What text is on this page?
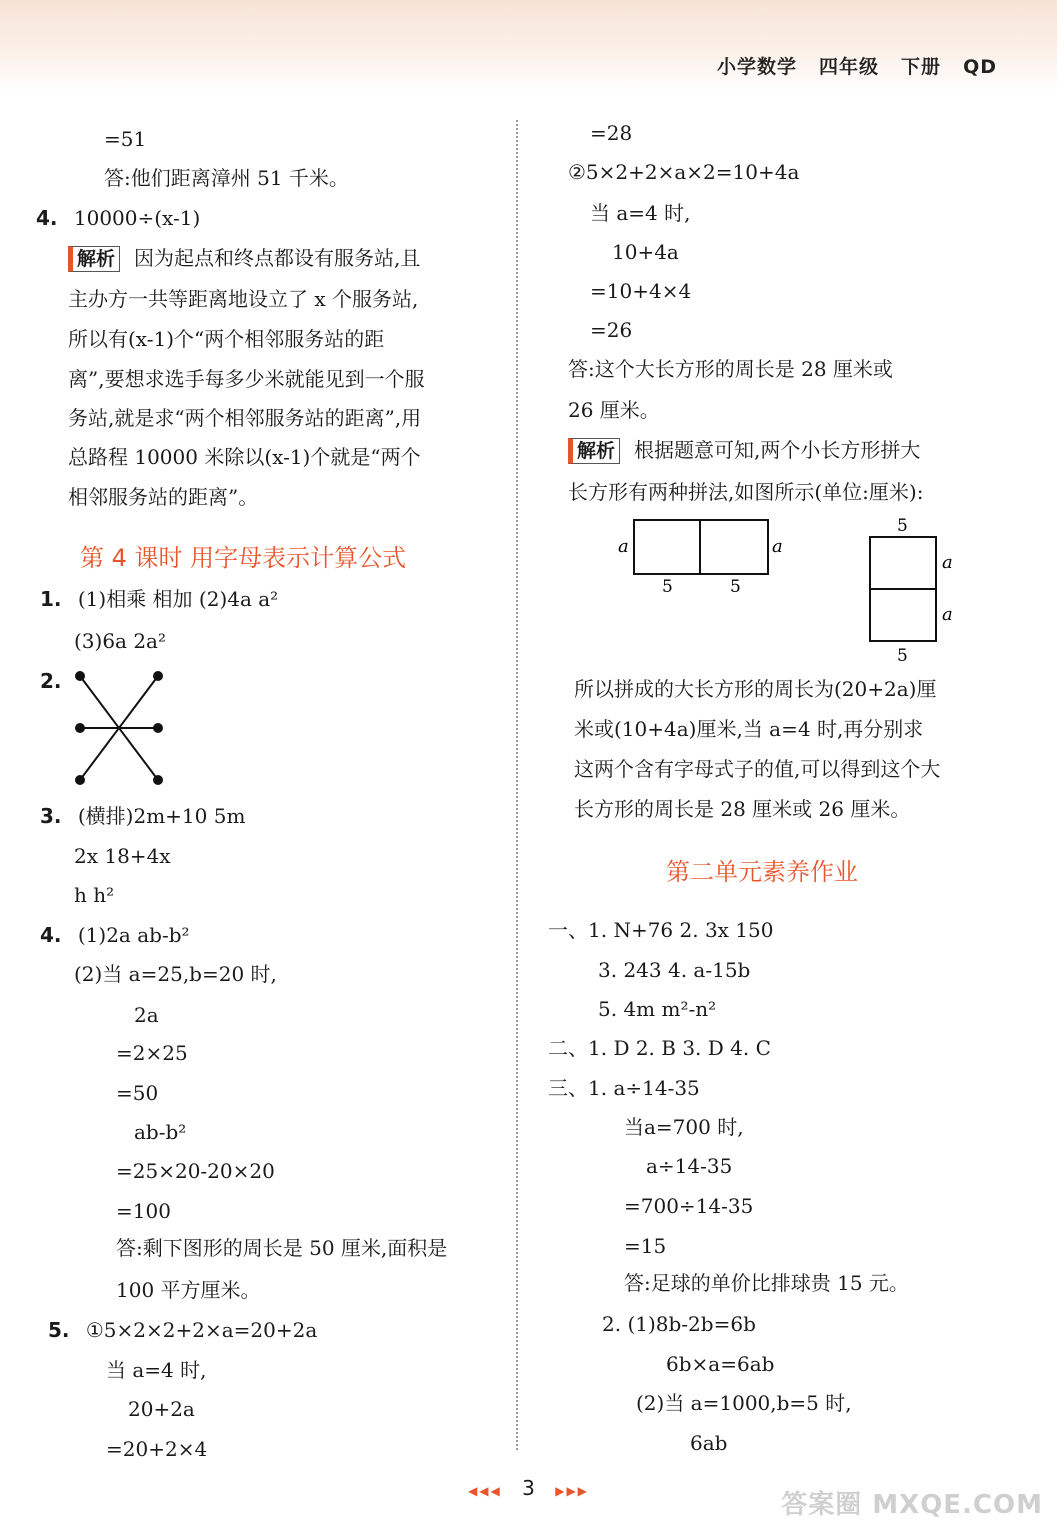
小学数学 四年级 下册 QD
=51
答:他们距离漳州 51 千米。
4. 10000÷(x-1)
解析 因为起点和终点都设有服务站,且
主办方一共等距离地设立了 x 个服务站,
所以有(x-1)个“两个相邻服务站的距
离”,要想求选手每多少米就能见到一个服
务站,就是求“两个相邻服务站的距离”,用
总路程 10000 米除以(x-1)个就是“两个
相邻服务站的距离”。
第 4 课时 用字母表示计算公式
1. (1)相乘 相加 (2)4a a²
(3)6a 2a²
2.
3. (横排)2m+10 5m
2x 18+4x
h h²
4. (1)2a ab-b²
(2)当 a=25,b=20 时,
2a
=2×25
=50
ab-b²
=25×20-20×20
=100
答:剩下图形的周长是 50 厘米,面积是
100 平方厘米。
5. ①5×2×2+2×a=20+2a
当 a=4 时,
20+2a
=20+2×4
=28
②5×2+2×a×2=10+4a
当 a=4 时,
10+4a
=10+4×4
=26
答:这个大长方形的周长是 28 厘米或
26 厘米。
解析 根据题意可知,两个小长方形拼大
长方形有两种拼法,如图所示(单位:厘米):
a	a
5	5
5
a
a
5
所以拼成的大长方形的周长为(20+2a)厘
米或(10+4a)厘米,当 a=4 时,再分别求
这两个含有字母式子的值,可以得到这个大
长方形的周长是 28 厘米或 26 厘米。
第二单元素养作业
一、1. N+76 2. 3x 150
3. 243 4. a-15b
5. 4m m²-n²
二、1. D 2. B 3. D 4. C
三、1. a÷14-35
当a=700 时,
a÷14-35
=700÷14-35
=15
答:足球的单价比排球贵 15 元。
2. (1)8b-2b=6b
6b×a=6ab
(2)当 a=1000,b=5 时,
6ab
◀◀◀ 3 ▶▶▶	答案圈 MXQE.COM
